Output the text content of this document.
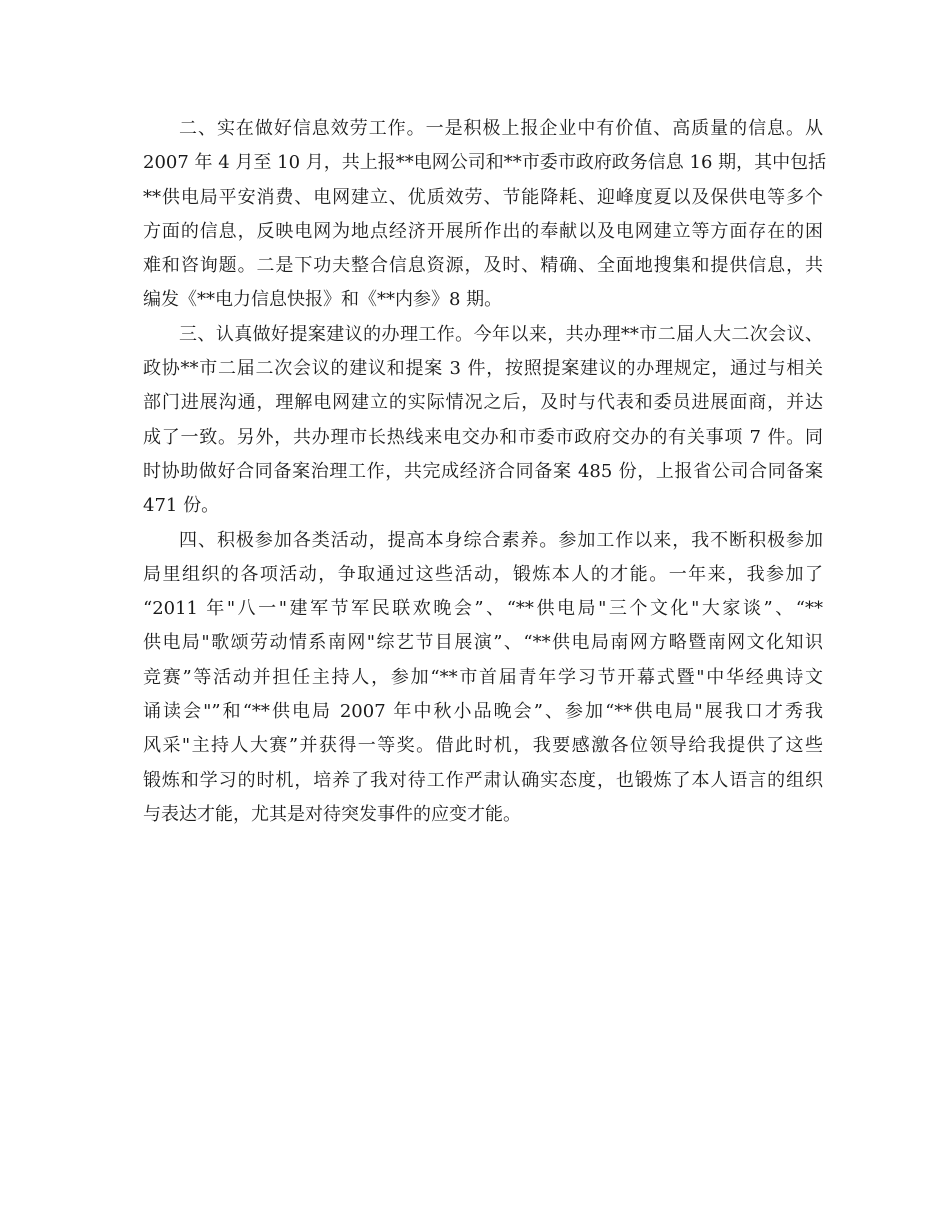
二、实在做好信息效劳工作。一是积极上报企业中有价值、高质量的信息。从
2007 年 4 月至 10 月，共上报**电网公司和**市委市政府政务信息 16 期，其中包括
**供电局平安消费、电网建立、优质效劳、节能降耗、迎峰度夏以及保供电等多个
方面的信息，反映电网为地点经济开展所作出的奉献以及电网建立等方面存在的困
难和咨询题。二是下功夫整合信息资源，及时、精确、全面地搜集和提供信息，共
编发《**电力信息快报》和《**内参》8 期。
三、认真做好提案建议的办理工作。今年以来，共办理**市二届人大二次会议、
政协**市二届二次会议的建议和提案 3 件，按照提案建议的办理规定，通过与相关
部门进展沟通，理解电网建立的实际情况之后，及时与代表和委员进展面商，并达
成了一致。另外，共办理市长热线来电交办和市委市政府交办的有关事项 7 件。同
时协助做好合同备案治理工作，共完成经济合同备案 485 份，上报省公司合同备案
471 份。
四、积极参加各类活动，提高本身综合素养。参加工作以来，我不断积极参加
局里组织的各项活动，争取通过这些活动，锻炼本人的才能。一年来，我参加了
“2011 年"八一"建军节军民联欢晚会”、“**供电局"三个文化"大家谈”、“**
供电局"歌颂劳动情系南网"综艺节目展演”、“**供电局南网方略暨南网文化知识
竞赛”等活动并担任主持人，参加“**市首届青年学习节开幕式暨"中华经典诗文
诵读会"”和“**供电局 2007 年中秋小品晚会”、参加“**供电局"展我口才秀我
风采"主持人大赛”并获得一等奖。借此时机，我要感激各位领导给我提供了这些
锻炼和学习的时机，培养了我对待工作严肃认确实态度，也锻炼了本人语言的组织
与表达才能，尤其是对待突发事件的应变才能。
